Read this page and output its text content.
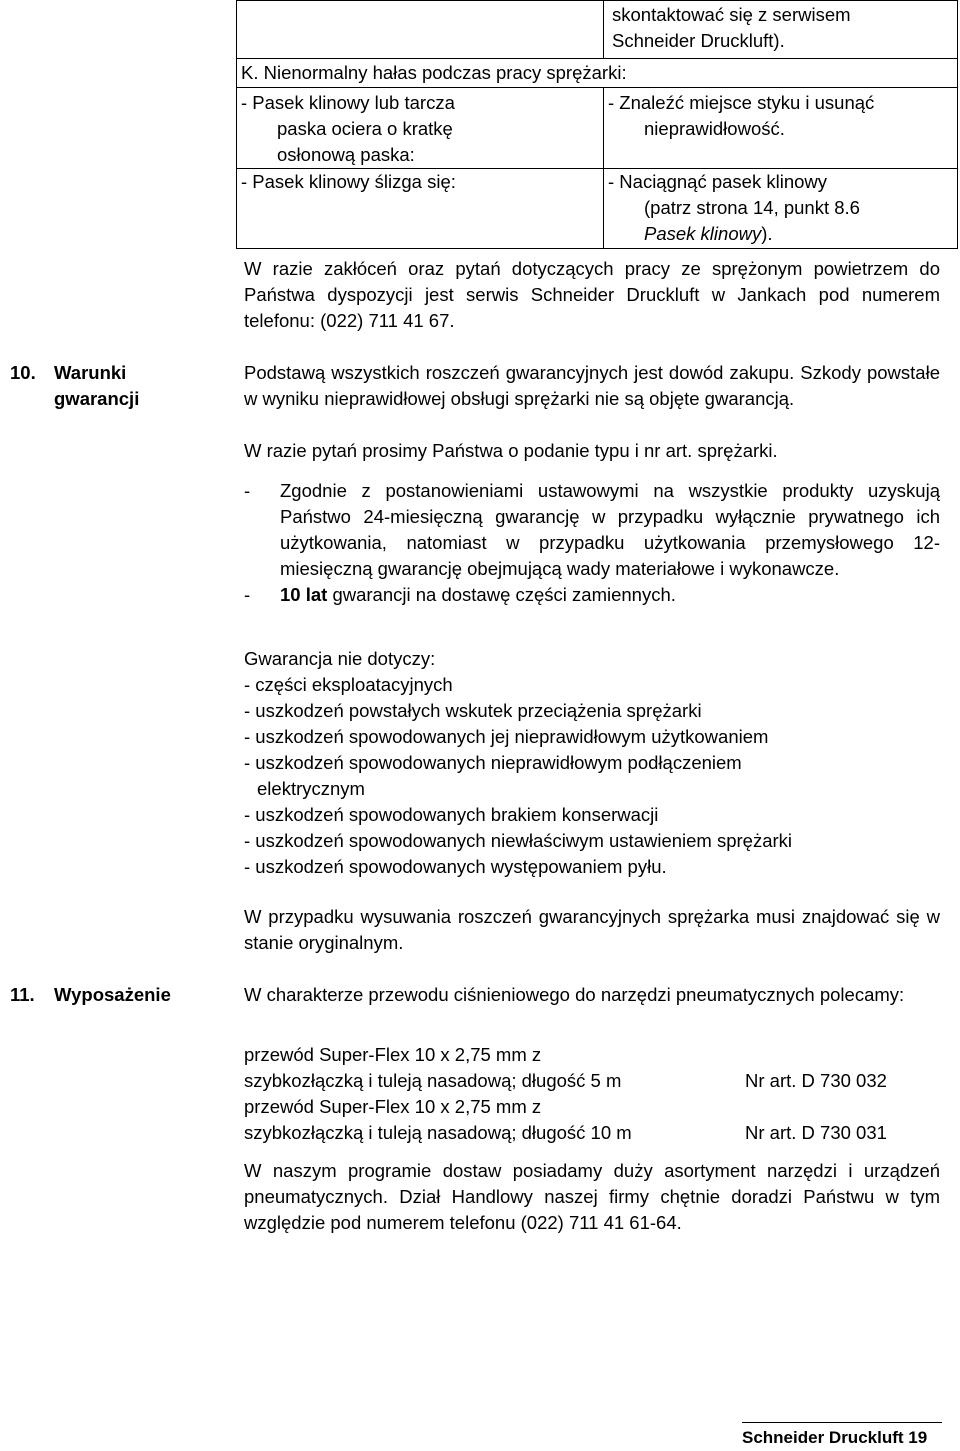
	skontaktować się z serwisem
Schneider Druckluft).

K. Nienormalny hałas podczas pracy sprężarki:	

- Pasek klinowy lub tarcza
paska ociera o kratkę
osłonową paska:	- Znaleźć miejsce styku i usunąć
nieprawidłowość.

- Pasek klinowy ślizga się:	- Naciągnąć pasek klinowy
(patrz strona 14, punkt 8.6
Pasek klinowy).
W razie zakłóceń oraz pytań dotyczących pracy ze sprężonym powietrzem do Państwa dyspozycji jest serwis Schneider Druckluft w Jankach pod numerem telefonu: (022) 711 41 67.
10. Warunki
gwarancji
Podstawą wszystkich roszczeń gwarancyjnych jest dowód zakupu. Szkody powstałe w wyniku nieprawidłowej obsługi sprężarki nie są objęte gwarancją.
W razie pytań prosimy Państwa o podanie typu i nr art. sprężarki.
- Zgodnie z postanowieniami ustawowymi na wszystkie produkty uzyskują Państwo 24-miesięczną gwarancję w przypadku wyłącznie prywatnego ich użytkowania, natomiast w przypadku użytkowania przemysłowego 12-miesięczną gwarancję obejmującą wady materiałowe i wykonawcze.
- 10 lat gwarancji na dostawę części zamiennych.
Gwarancja nie dotyczy:
- części eksploatacyjnych
- uszkodzeń powstałych wskutek przeciążenia sprężarki
- uszkodzeń spowodowanych jej nieprawidłowym użytkowaniem
- uszkodzeń spowodowanych nieprawidłowym podłączeniem
elektrycznym
- uszkodzeń spowodowanych brakiem konserwacji
- uszkodzeń spowodowanych niewłaściwym ustawieniem sprężarki
- uszkodzeń spowodowanych występowaniem pyłu.
W przypadku wysuwania roszczeń gwarancyjnych sprężarka musi znajdować się w stanie oryginalnym.
11. Wyposażenie	W charakterze przewodu ciśnieniowego do narzędzi pneumatycznych polecamy:
przewód Super-Flex 10 x 2,75 mm z
szybkozłączką i tuleją nasadową; długość 5 m	Nr art. D 730 032
przewód Super-Flex 10 x 2,75 mm z
szybkozłączką i tuleją nasadową; długość 10 m	Nr art. D 730 031
W naszym programie dostaw posiadamy duży asortyment narzędzi i urządzeń pneumatycznych. Dział Handlowy naszej firmy chętnie doradzi Państwu w tym względzie pod numerem telefonu (022) 711 41 61-64.
Schneider Druckluft 19
